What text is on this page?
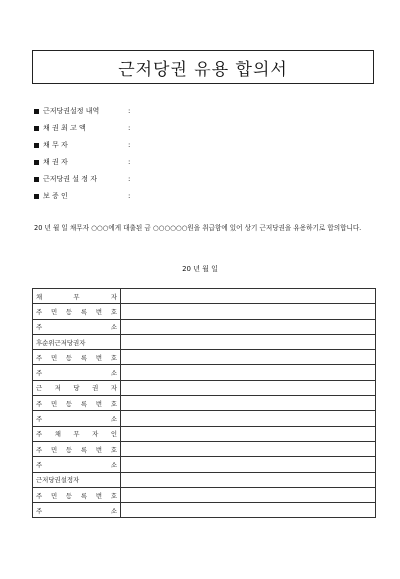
근저당권 유용 합의서
근저당권설정 내역	:
채 권 최 고 액	:
채 무 자	:
채 권 자	:
근저당권 설 정 자	:
보 증 인	:
20 년 월 일 채무자 ○○○에게 대출된 금 ○○○○○○원을 취급함에 있어 상기 근저당권을 유용하기로 합의합니다.
20 년 월 일
채 무 자	

주 민 등 록 번 호	

주 소	

후순위근저당권자	

주 민 등 록 번 호	

주 소	

근 저 당 권 자	

주 민 등 록 번 호	

주 소	

주 채 무 자 인	

주 민 등 록 번 호	

주 소	

근저당권설정자	

주 민 등 록 번 호	

주 소	
